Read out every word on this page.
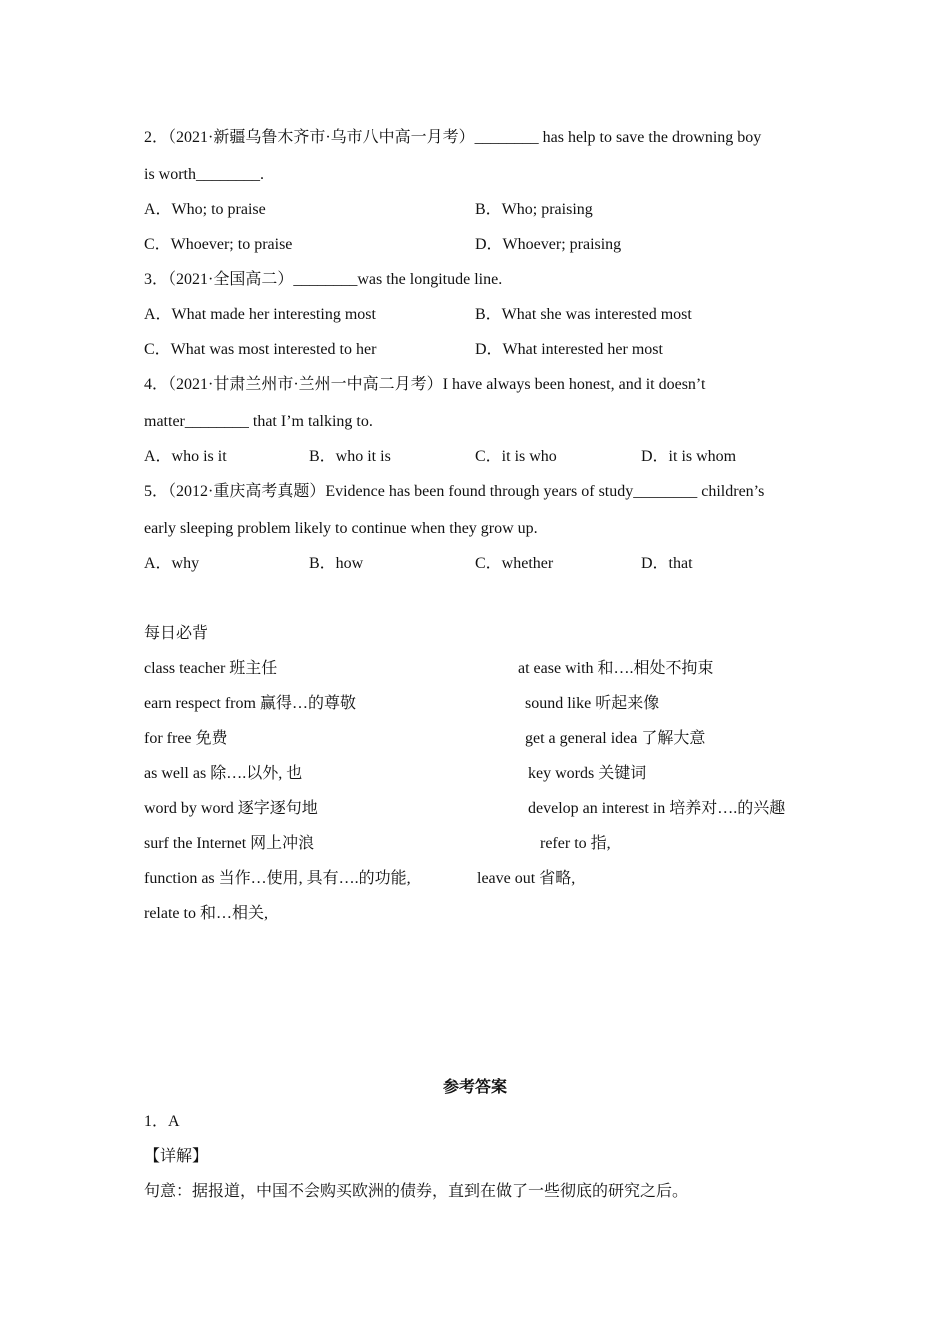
2．（2021·新疆乌鲁木齐市·乌市八中高一月考）________ has help to save the drowning boy
is worth________.
A．Who; to praise	B．Who; praising
C．Whoever; to praise	D．Whoever; praising
3．（2021·全国高二）________was the longitude line.
A．What made her interesting most	B．What she was interested most
C．What was most interested to her	D．What interested her most
4．（2021·甘肃兰州市·兰州一中高二月考）I have always been honest, and it doesn’t
matter________ that I’m talking to.
A．who is it	B．who it is	C．it is who	D．it is whom
5．（2012·重庆高考真题）Evidence has been found through years of study________ children’s
early sleeping problem likely to continue when they grow up.
A．why	B．how	C．whether	D．that
每日必背
class teacher 班主任	at ease with 和….相处不拘束
earn respect from 赢得…的尊敬	sound like 听起来像
for free 免费	get a general idea 了解大意
as well as 除….以外, 也	key words 关键词
word by word 逐字逐句地	develop an interest in 培养对….的兴趣
surf the Internet 网上冲浪	refer to 指,
function as 当作…使用, 具有….的功能,	leave out 省略,
relate to 和…相关,
参考答案
1．A
【详解】
句意：据报道，中国不会购买欧洲的债券，直到在做了一些彻底的研究之后。
